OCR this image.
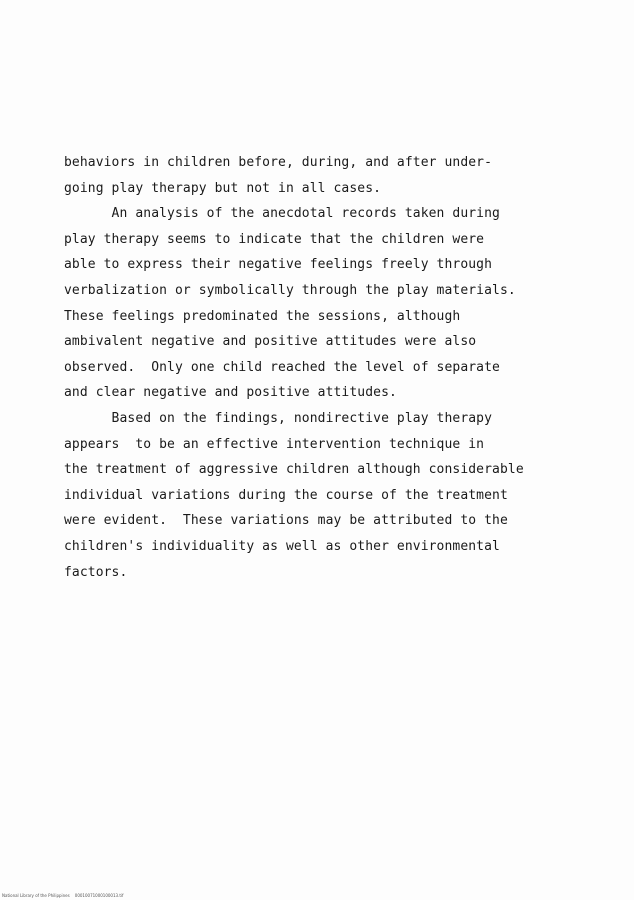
behaviors in children before, during, and after under-
going play therapy but not in all cases.
An analysis of the anecdotal records taken during
play therapy seems to indicate that the children were
able to express their negative feelings freely through
verbalization or symbolically through the play materials.
These feelings predominated the sessions, although
ambivalent negative and positive attitudes were also
observed.  Only one child reached the level of separate
and clear negative and positive attitudes.
Based on the findings, nondirective play therapy
appears  to be an effective intervention technique in
the treatment of aggressive children although considerable
individual variations during the course of the treatment
were evident.  These variations may be attributed to the
children's individuality as well as other environmental
factors.
National Library of the Philippines    00010071000100013.tif
